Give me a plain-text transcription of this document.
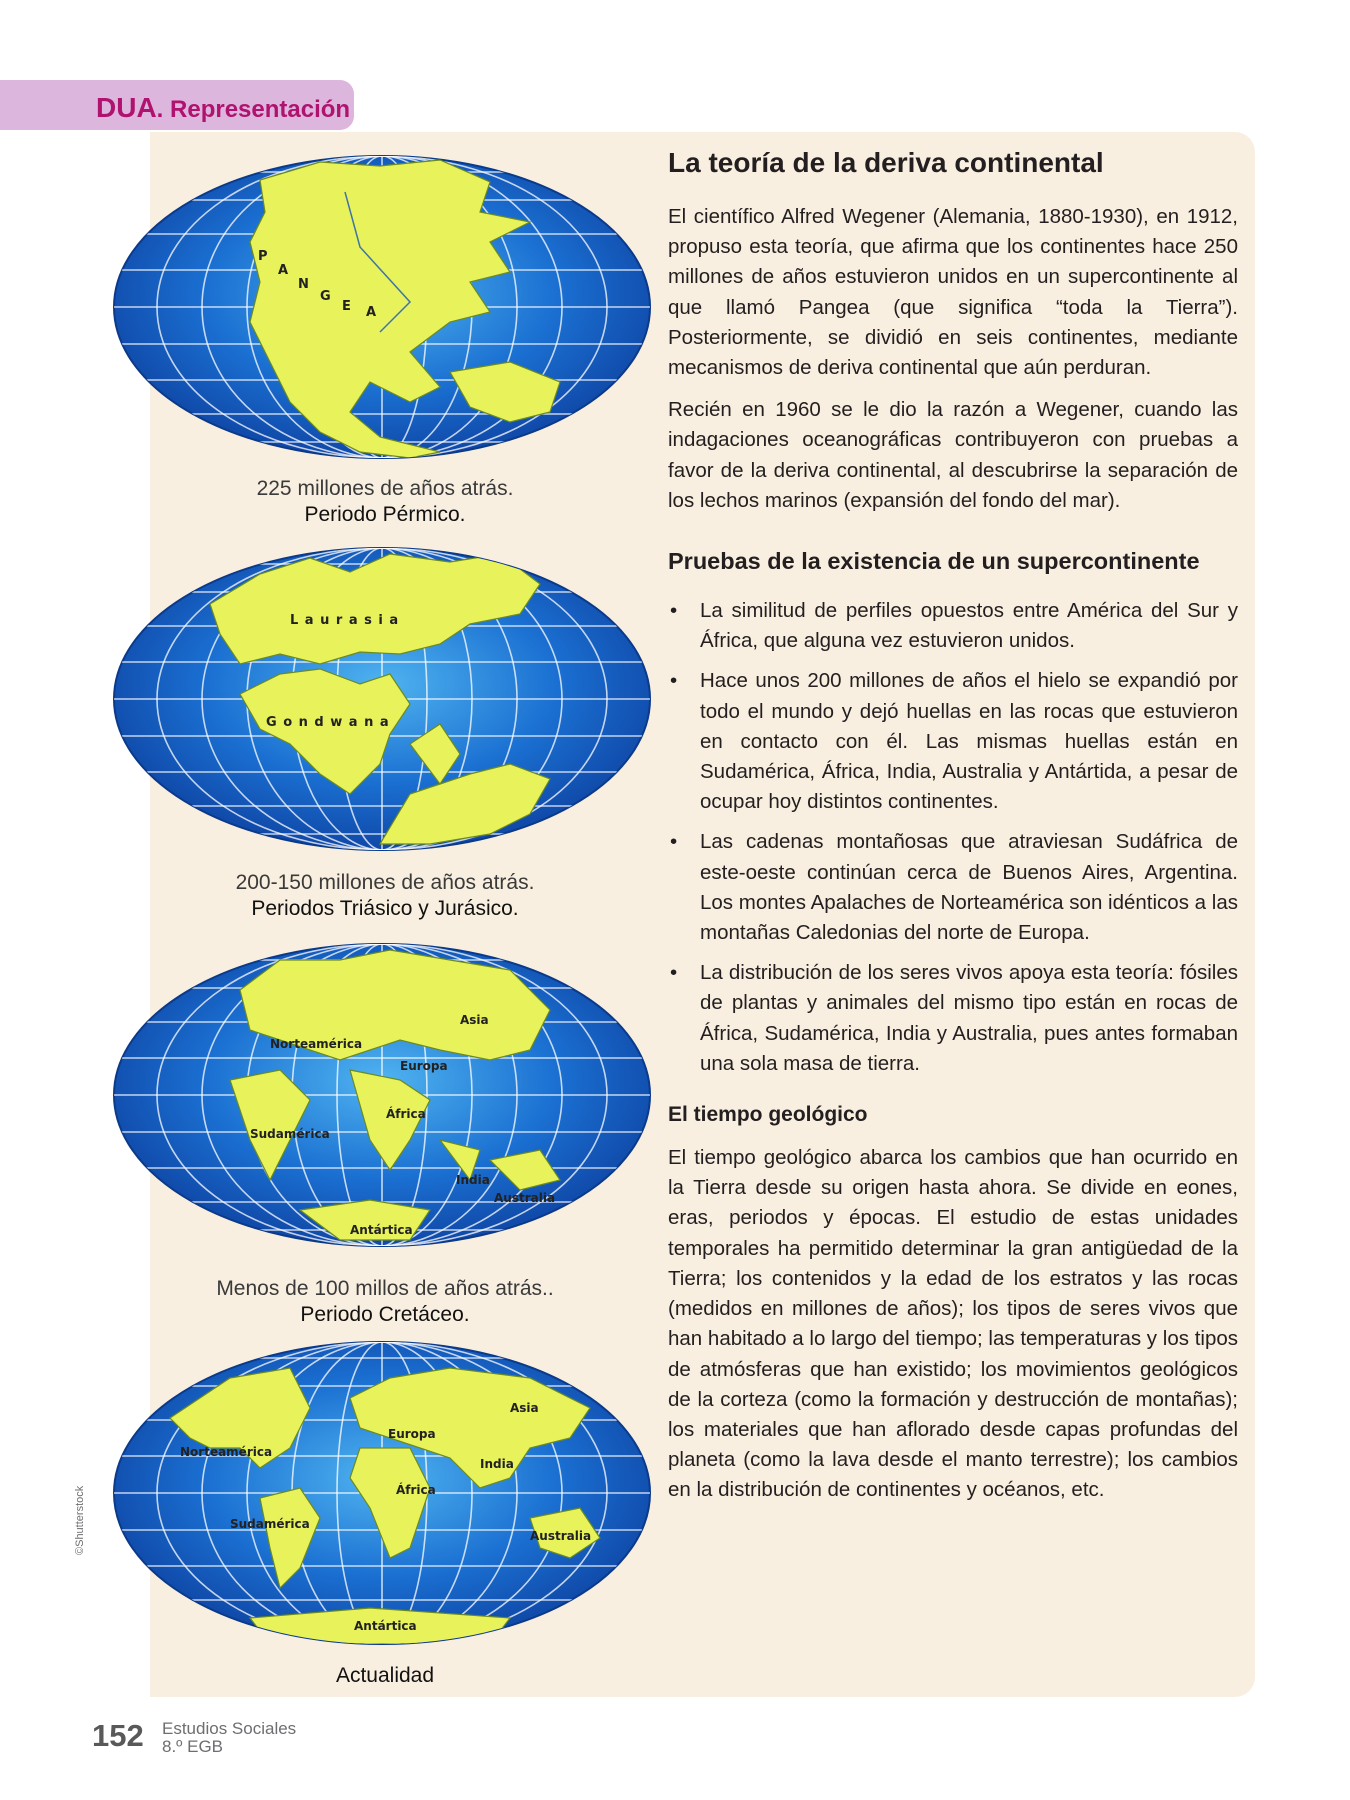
DUA. Representación
P
A
N
G
E A
225 millones de años atrás.
Periodo Pérmico.
L a u r a s i a
G o n d w a n a
200-150 millones de años atrás.
Periodos Triásico y Jurásico.
Asia
Norteamérica
Europa
África
Sudamérica
India
Australia
Antártica
Menos de 100 millos de años atrás..
Periodo Cretáceo.
Asia
Europa
Norteamérica
India
África
Sudamérica
Australia
Antártica
Actualidad
©Shutterstock
La teoría de la deriva continental

El científico Alfred Wegener (Alemania, 1880-1930), en 1912, propuso esta teoría, que afirma que los continentes hace 250 millones de años estuvieron unidos en un supercontinente al que llamó Pangea (que significa “toda la Tierra”). Posteriormente, se dividió en seis continentes, mediante mecanismos de deriva continental que aún perduran.

Recién en 1960 se le dio la razón a Wegener, cuando las indagaciones oceanográficas contribuyeron con pruebas a favor de la deriva continental, al descubrirse la separación de los lechos marinos (expansión del fondo del mar).

Pruebas de la existencia de un supercontinente
• La similitud de perfiles opuestos entre América del Sur y África, que alguna vez estuvieron unidos.
• Hace unos 200 millones de años el hielo se expandió por todo el mundo y dejó huellas en las rocas que estuvieron en contacto con él. Las mismas huellas están en Sudamérica, África, India, Australia y Antártida, a pesar de ocupar hoy distintos continentes.
• Las cadenas montañosas que atraviesan Sudáfrica de este-oeste continúan cerca de Buenos Aires, Argentina. Los montes Apalaches de Norteamérica son idénticos a las montañas Caledonias del norte de Europa.
• La distribución de los seres vivos apoya esta teoría: fósiles de plantas y animales del mismo tipo están en rocas de África, Sudamérica, India y Australia, pues antes formaban una sola masa de tierra.
El tiempo geológico

El tiempo geológico abarca los cambios que han ocurrido en la Tierra desde su origen hasta ahora. Se divide en eones, eras, periodos y épocas. El estudio de estas unidades temporales ha permitido determinar la gran antigüedad de la Tierra; los contenidos y la edad de los estratos y las rocas (medidos en millones de años); los tipos de seres vivos que han habitado a lo largo del tiempo; las temperaturas y los tipos de atmósferas que han existido; los movimientos geológicos de la corteza (como la formación y destrucción de montañas); los materiales que han aflorado desde capas profundas del planeta (como la lava desde el manto terrestre); los cambios en la distribución de continentes y océanos, etc.

152 Estudios Sociales
8.º EGB
